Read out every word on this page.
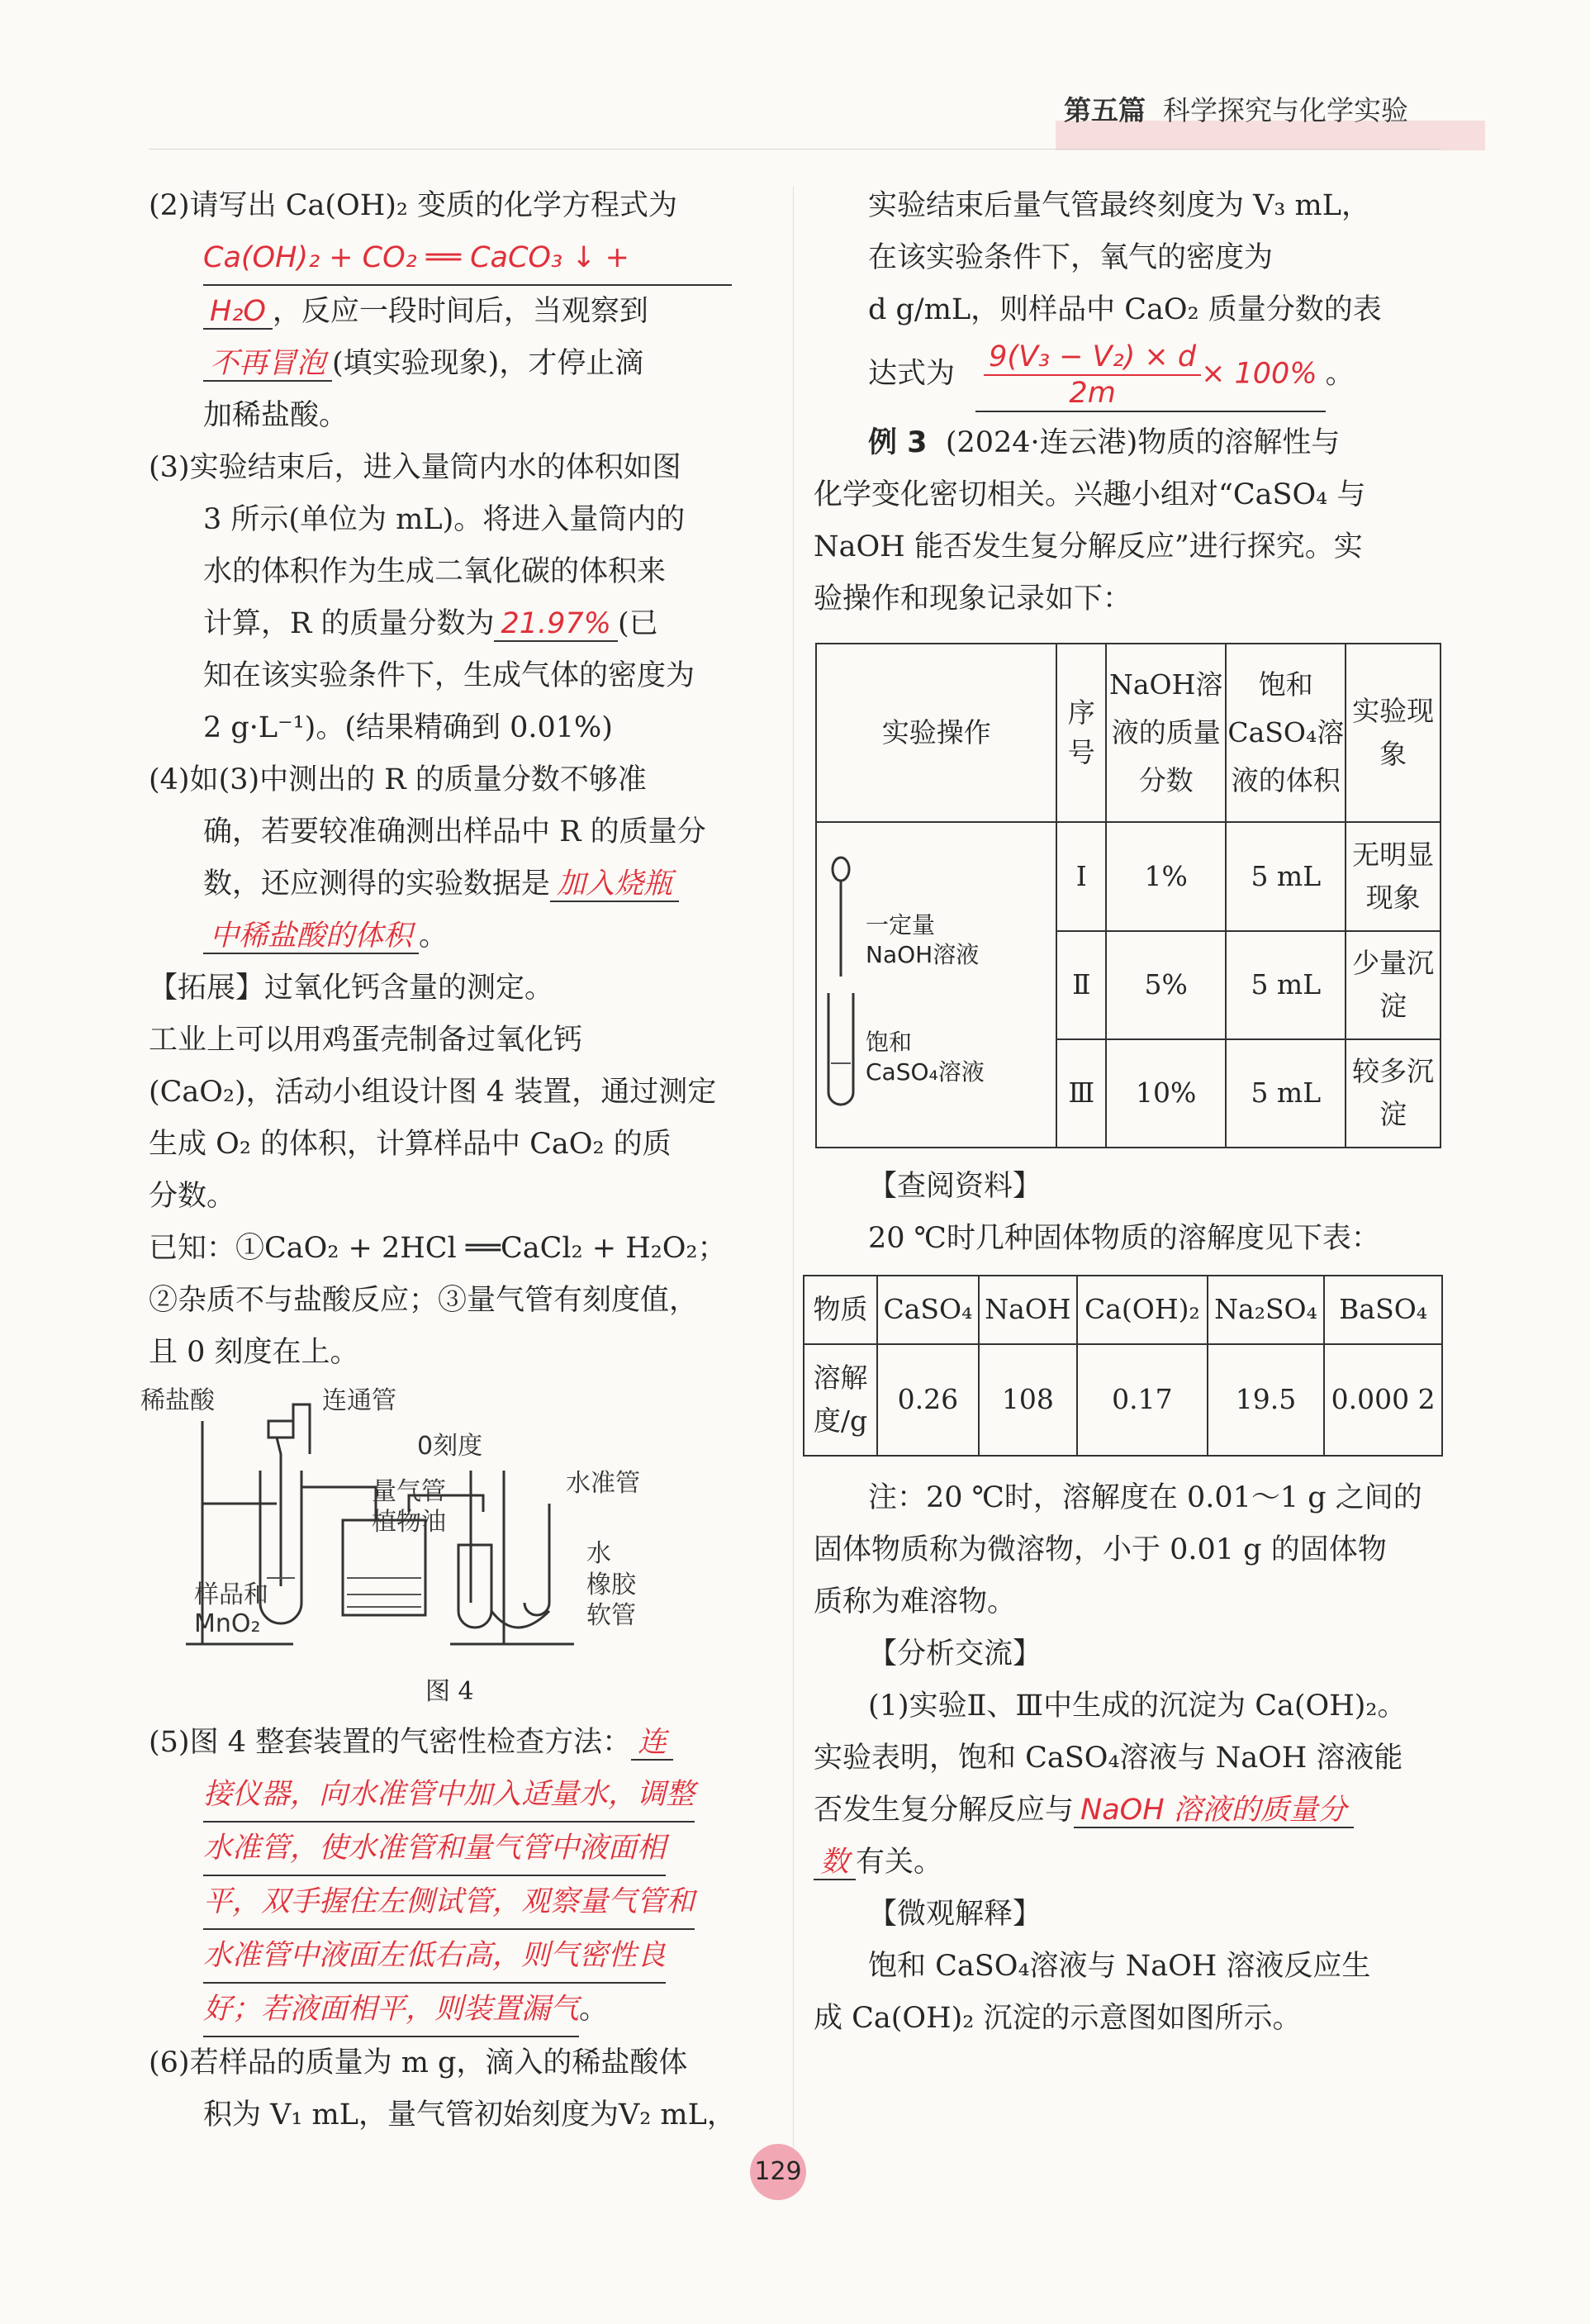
第五篇 科学探究与化学实验

(2)请写出 Ca(OH)₂ 变质的化学方程式为

Ca(OH)₂ + CO₂ ══ CaCO₃ ↓ +

H₂O ，反应一段时间后，当观察到

不再冒泡 (填实验现象)，才停止滴

加稀盐酸。

(3)实验结束后，进入量筒内水的体积如图

3 所示(单位为 mL)。将进入量筒内的

水的体积作为生成二氧化碳的体积来

计算，R 的质量分数为 21.97% (已

知在该实验条件下，生成气体的密度为

2 g·L⁻¹)。(结果精确到 0.01%)

(4)如(3)中测出的 R 的质量分数不够准

确，若要较准确测出样品中 R 的质量分

数，还应测得的实验数据是 加入烧瓶

中稀盐酸的体积 。

【拓展】过氧化钙含量的测定。

工业上可以用鸡蛋壳制备过氧化钙

(CaO₂)，活动小组设计图 4 装置，通过测定

生成 O₂ 的体积，计算样品中 CaO₂ 的质

分数。

已知：①CaO₂ + 2HCl ══CaCl₂ + H₂O₂；

②杂质不与盐酸反应；③量气管有刻度值，

且 0 刻度在上。

稀盐酸	连通管
0刻度
量气管	水准管
植物油
水
橡胶
软管
样品和
MnO₂
图 4

(5)图 4 整套装置的气密性检查方法： 连

接仪器，向水准管中加入适量水，调整

水准管，使水准管和量气管中液面相

平，双手握住左侧试管，观察量气管和

水准管中液面左低右高，则气密性良

好；若液面相平，则装置漏气。

(6)若样品的质量为 m g，滴入的稀盐酸体

积为 V₁ mL，量气管初始刻度为V₂ mL，

实验结束后量气管最终刻度为 V₃ mL，

在该实验条件下，氧气的密度为

d g/mL，则样品中 CaO₂ 质量分数的表

达式为 $\frac{\text{9(V₃ − V₂) × d}}{2m} \times 100\%$ 。

例 3 (2024·连云港)物质的溶解性与

化学变化密切相关。兴趣小组对“CaSO₄ 与

NaOH 能否发生复分解反应”进行探究。实

验操作和现象记录如下：

实验操作	序号	NaOH溶液的质量分数	饱和CaSO₄溶液的体积	实验现象

一定量
NaOH溶液
饱和
CaSO₄溶液	Ⅰ	1%	5 mL	无明显现象
	Ⅱ	5%	5 mL	少量沉淀
	Ⅲ	10%	5 mL	较多沉淀

【查阅资料】

20 ℃时几种固体物质的溶解度见下表：

物质	CaSO₄	NaOH	Ca(OH)₂	Na₂SO₄	BaSO₄
溶解度/g	0.26	108	0.17	19.5	0.000 2

注：20 ℃时，溶解度在 0.01～1 g 之间的

固体物质称为微溶物，小于 0.01 g 的固体物

质称为难溶物。

【分析交流】

(1)实验Ⅱ、Ⅲ中生成的沉淀为 Ca(OH)₂。

实验表明，饱和 CaSO₄溶液与 NaOH 溶液能

否发生复分解反应与 NaOH 溶液的质量分

数 有关。

【微观解释】

饱和 CaSO₄溶液与 NaOH 溶液反应生

成 Ca(OH)₂ 沉淀的示意图如图所示。

129
